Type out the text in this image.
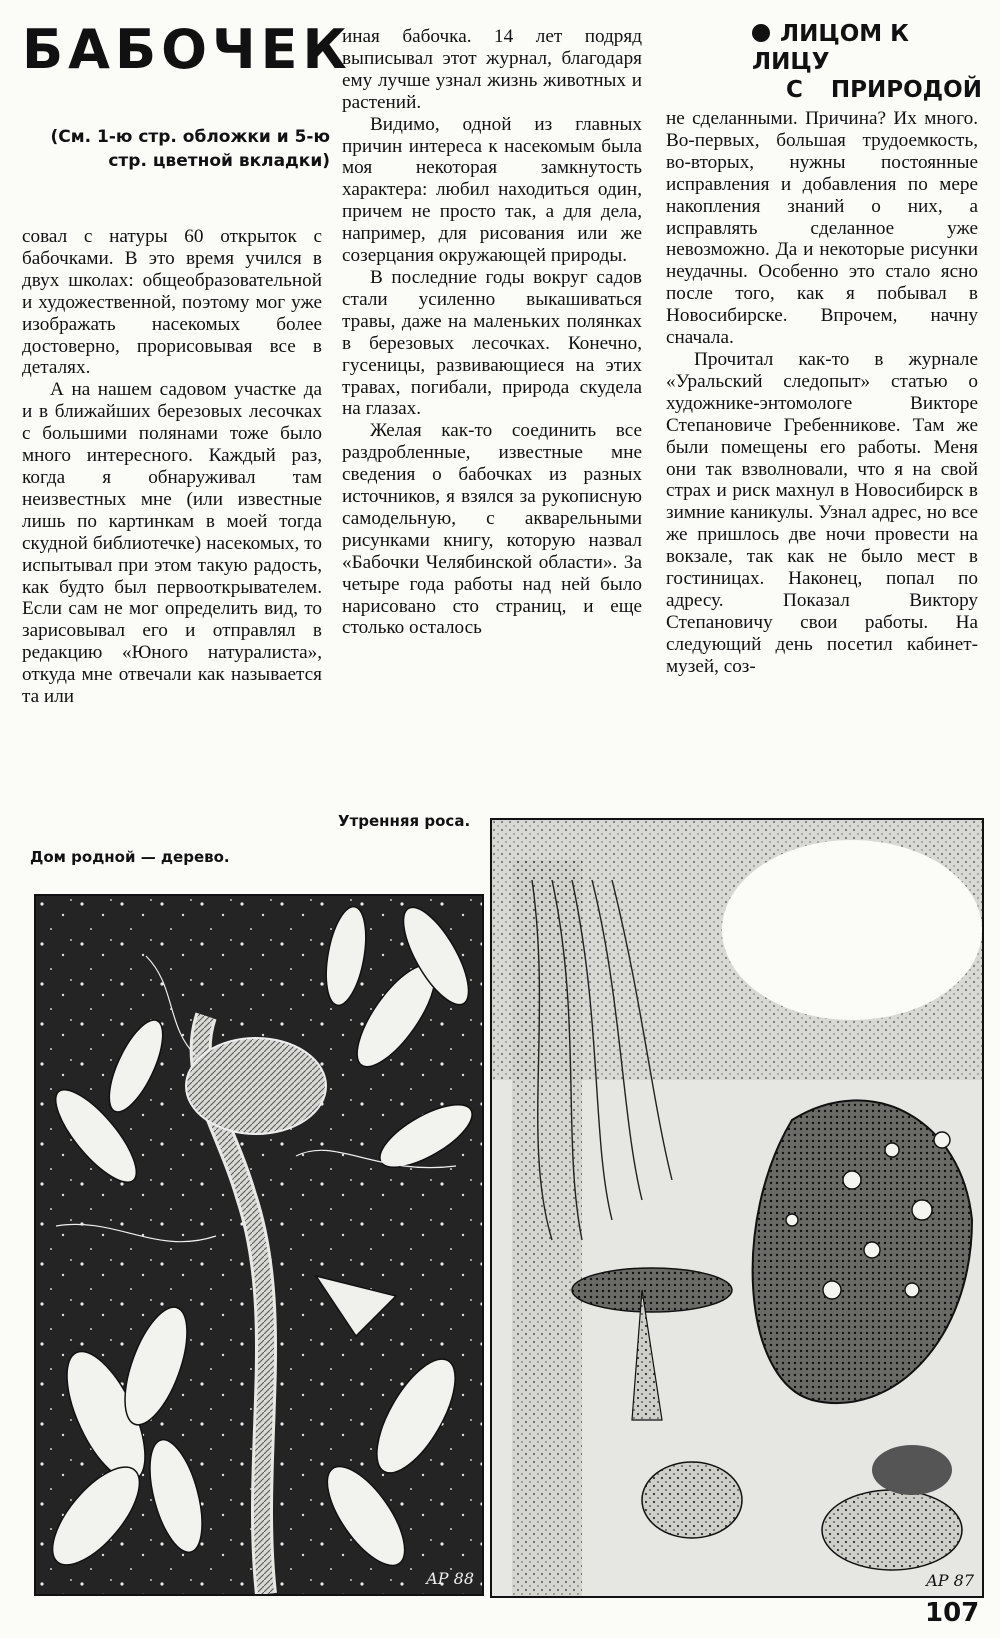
БАБОЧЕК
(См. 1-ю стр. обложки и 5-ю стр. цветной вкладки)
ЛИЦОМ К ЛИЦУ
С ПРИРОДОЙ

совал с натуры 60 открыток с бабочками. В это время учился в двух школах: общеобразовательной и художественной, поэтому мог уже изображать насекомых более достоверно, прорисовывая все в деталях.

А на нашем садовом участке да и в ближайших березовых лесочках с большими полянами тоже было много интересного. Каждый раз, когда я обнаруживал там неизвестных мне (или известные лишь по картинкам в моей тогда скудной библиотечке) насекомых, то испытывал при этом такую радость, как будто был первооткрывателем. Если сам не мог определить вид, то зарисовывал его и отправлял в редакцию «Юного натуралиста», откуда мне отвечали как называется та или

иная бабочка. 14 лет подряд выписывал этот журнал, благодаря ему лучше узнал жизнь животных и растений.

Видимо, одной из главных причин интереса к насекомым была моя некоторая замкнутость характера: любил находиться один, причем не просто так, а для дела, например, для рисования или же созерцания окружающей природы.

В последние годы вокруг садов стали усиленно выкашиваться травы, даже на маленьких полянках в березовых лесочках. Конечно, гусеницы, развивающиеся на этих травах, погибали, природа скудела на глазах.

Желая как-то соединить все раздробленные, известные мне сведения о бабочках из разных источников, я взялся за рукописную самодельную, с акварельными рисунками книгу, которую назвал «Бабочки Челябинской области». За четыре года работы над ней было нарисовано сто страниц, и еще столько осталось

не сделанными. Причина? Их много. Во-первых, большая трудоемкость, во-вторых, нужны постоянные исправления и добавления по мере накопления знаний о них, а исправлять сделанное уже невозможно. Да и некоторые рисунки неудачны. Особенно это стало ясно после того, как я побывал в Новосибирске. Впрочем, начну сначала.

Прочитал как-то в журнале «Уральский следопыт» статью о художнике-энтомологе Викторе Степановиче Гребенникове. Там же были помещены его работы. Меня они так взволновали, что я на свой страх и риск махнул в Новосибирск в зимние каникулы. Узнал адрес, но все же пришлось две ночи провести на вокзале, так как не было мест в гостиницах. Наконец, попал по адресу. Показал Виктору Степановичу свои работы. На следующий день посетил кабинет-музей, соз-

Утренняя роса.
Дом родной — дерево.
AP 88	AP 87
107
